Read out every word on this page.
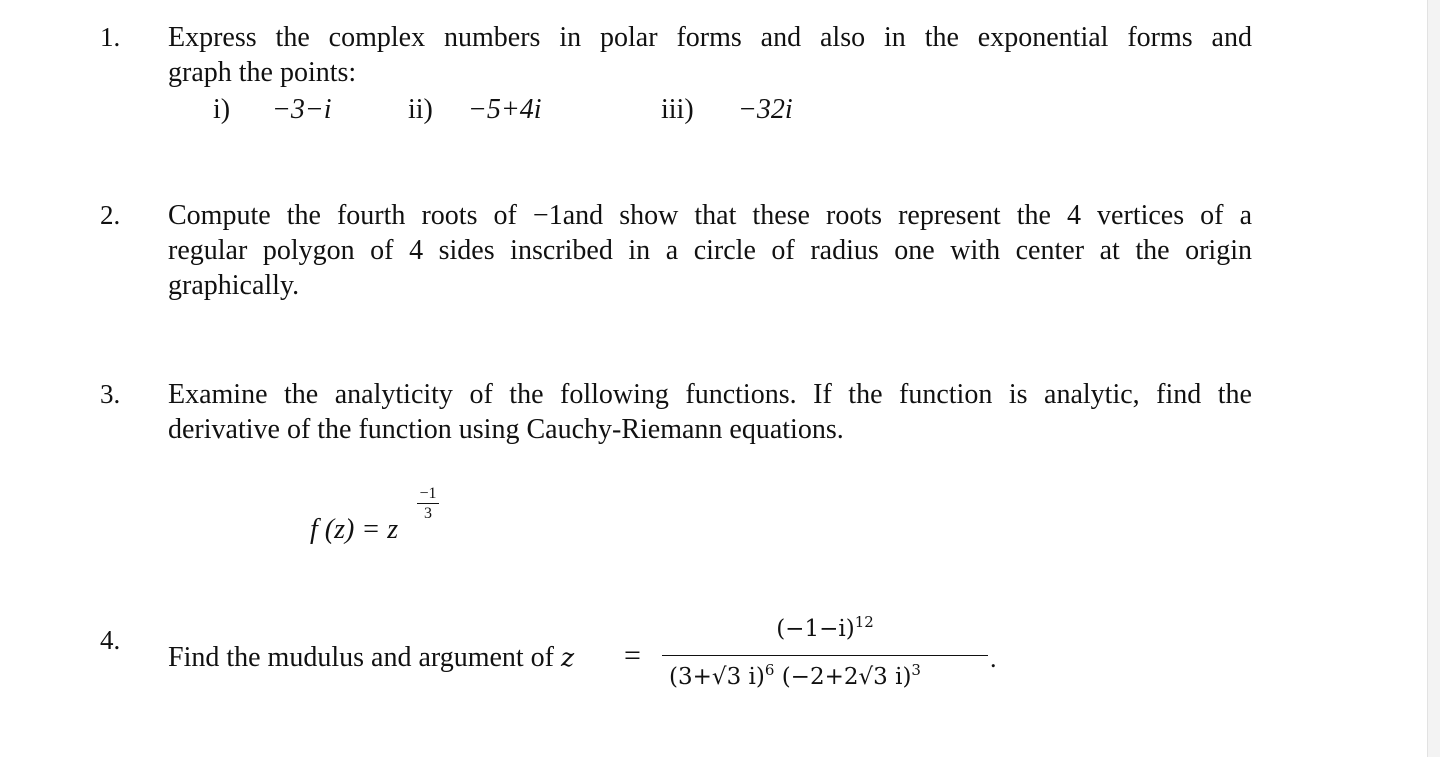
1. Express the complex numbers in polar forms and also in the exponential forms and
graph the points:
i) −3−i	ii) −5+4i	iii) −32i
2. Compute the fourth roots of −1and show that these roots represent the 4 vertices of a
regular polygon of 4 sides inscribed in a circle of radius one with center at the origin
graphically.
3. Examine the analyticity of the following functions. If the function is analytic, find the
derivative of the function using Cauchy-Riemann equations.
f (z) = z
$\frac{-1}{3}$
4.
Find the mudulus and argument of z =
$(-1-i)^{12}$
(3+√3 i)$^6$ (−2+2√3 i)$^3$	.
